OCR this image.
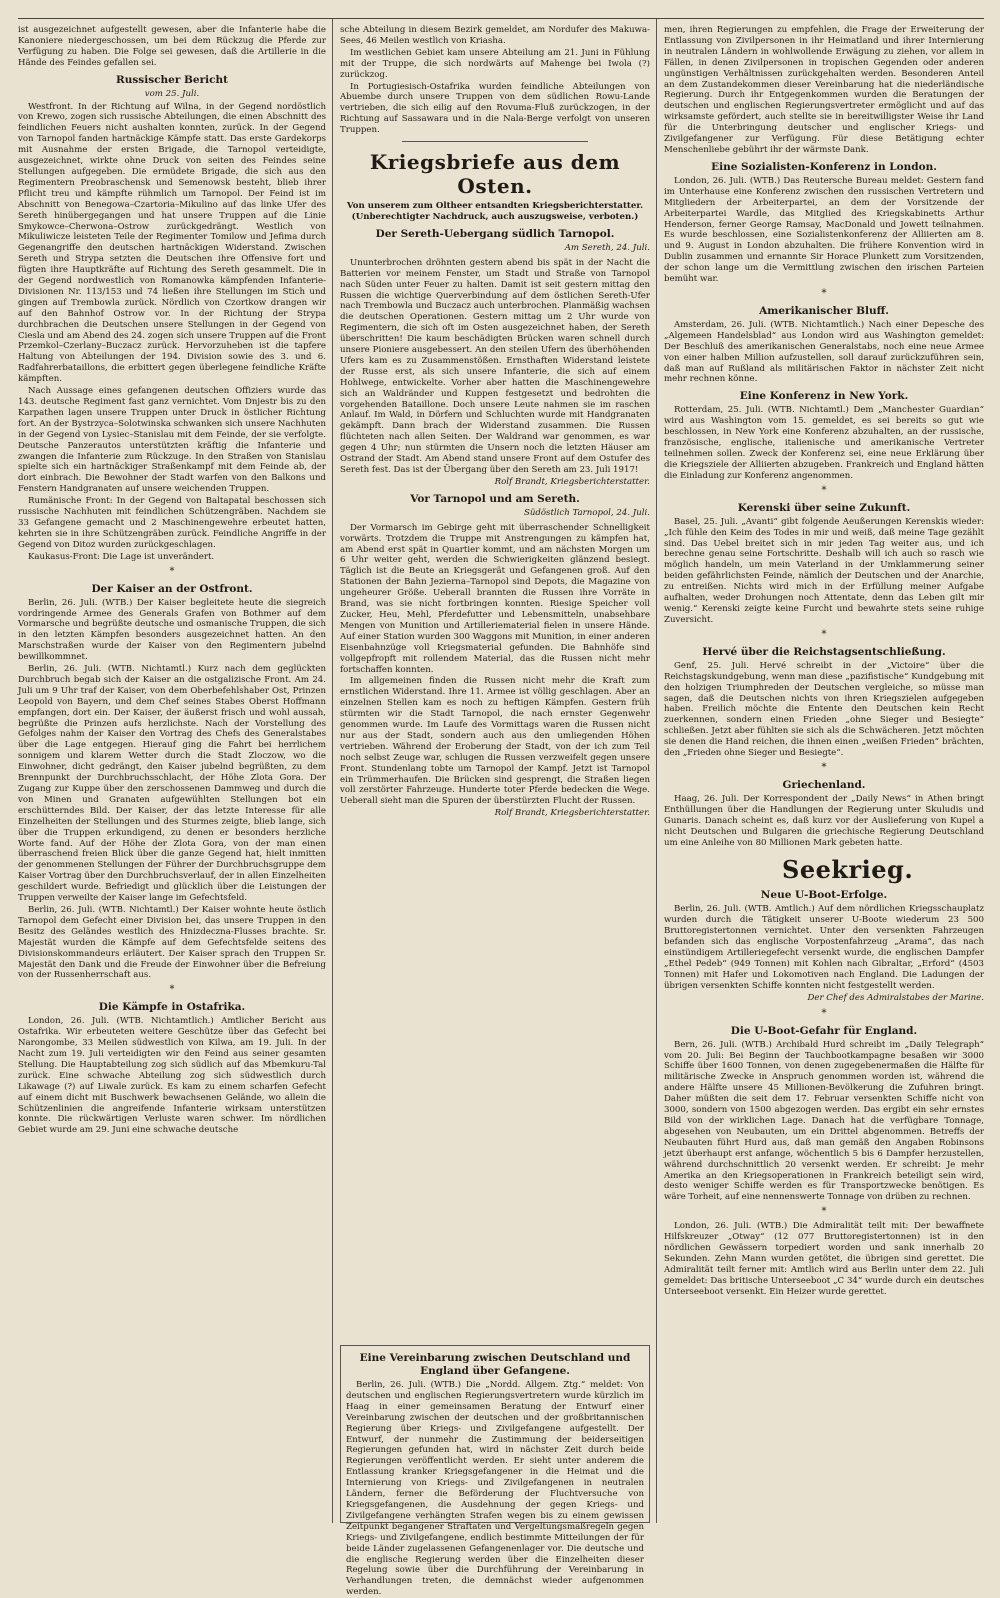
ist ausgezeichnet aufgestellt gewesen, aber die Infanterie habe die Kanoniere niedergeschossen, um bei dem Rückzug die Pferde zur Verfügung zu haben. Die Folge sei gewesen, daß die Artillerie in die Hände des Feindes gefallen sei.

Russischer Bericht
vom 25. Juli.

Westfront. In der Richtung auf Wilna, in der Gegend nordöstlich von Krewo, zogen sich russische Abteilungen, die einen Abschnitt des feindlichen Feuers nicht aushalten konnten, zurück. In der Gegend von Tarnopol fanden hartnäckige Kämpfe statt. Das erste Gardekorps mit Ausnahme der ersten Brigade, die Tarnopol verteidigte, ausgezeichnet, wirkte ohne Druck von seiten des Feindes seine Stellungen aufgegeben. Die ermüdete Brigade, die sich aus den Regimentern Preobraschensk und Semenowsk besteht, blieb ihrer Pflicht treu und kämpfte rühmlich um Tarnopol. Der Feind ist im Abschnitt von Benegowa–Czartoria–Mikulino auf das linke Ufer des Sereth hinübergegangen und hat unsere Truppen auf die Linie Smykowce–Cherwona–Ostrow zurückgedrängt. Westlich von Mikuliwicze leisteten Teile der Regimenter Tomilow und Jefima durch Gegenangriffe den deutschen hartnäckigen Widerstand. Zwischen Sereth und Strypa setzten die Deutschen ihre Offensive fort und fügten ihre Hauptkräfte auf Richtung des Sereth gesammelt. Die in der Gegend nordwestlich von Romanowka kämpfenden Infanterie-Divisionen Nr. 113/153 und 74 ließen ihre Stellungen im Stich und gingen auf Trembowla zurück. Nördlich von Czortkow drangen wir auf den Bahnhof Ostrow vor. In der Richtung der Strypa durchbrachen die Deutschen unsere Stellungen in der Gegend von Ciesla und am Abend des 24. zogen sich unsere Truppen auf die Front Przemkol–Czerlany–Buczacz zurück. Hervorzuheben ist die tapfere Haltung von Abteilungen der 194. Division sowie des 3. und 6. Radfahrerbataillons, die erbittert gegen überlegene feindliche Kräfte kämpften.

Nach Aussage eines gefangenen deutschen Offiziers wurde das 143. deutsche Regiment fast ganz vernichtet. Vom Dnjestr bis zu den Karpathen lagen unsere Truppen unter Druck in östlicher Richtung fort. An der Bystrzyca–Solotwinska schwanken sich unsere Nachhuten in der Gegend von Lysiec–Stanislau mit dem Feinde, der sie verfolgte. Deutsche Panzerautos unterstützten kräftig die Infanterie und zwangen die Infanterie zum Rückzuge. In den Straßen von Stanislau spielte sich ein hartnäckiger Straßenkampf mit dem Feinde ab, der dort einbrach. Die Bewohner der Stadt warfen von den Balkons und Fenstern Handgranaten auf unsere weichenden Truppen.

Rumänische Front: In der Gegend von Baltapatal beschossen sich russische Nachhuten mit feindlichen Schützengräben. Nachdem sie 33 Gefangene gemacht und 2 Maschinengewehre erbeutet hatten, kehrten sie in ihre Schützengräben zurück. Feindliche Angriffe in der Gegend von Ditoz wurden zurückgeschlagen.

Kaukasus-Front: Die Lage ist unverändert.

*
Der Kaiser an der Ostfront.

Berlin, 26. Juli. (WTB.) Der Kaiser begleitete heute die siegreich vordringende Armee des Generals Grafen von Bothmer auf dem Vormarsche und begrüßte deutsche und osmanische Truppen, die sich in den letzten Kämpfen besonders ausgezeichnet hatten. An den Marschstraßen wurde der Kaiser von den Regimentern jubelnd bewillkommnet.

Berlin, 26. Juli. (WTB. Nichtamtl.) Kurz nach dem geglückten Durchbruch begab sich der Kaiser an die ostgalizische Front. Am 24. Juli um 9 Uhr traf der Kaiser, von dem Oberbefehlshaber Ost, Prinzen Leopold von Bayern, und dem Chef seines Stabes Oberst Hoffmann empfangen, dort ein. Der Kaiser, der äußerst frisch und wohl aussah, begrüßte die Prinzen aufs herzlichste. Nach der Vorstellung des Gefolges nahm der Kaiser den Vortrag des Chefs des Generalstabes über die Lage entgegen. Hierauf ging die Fahrt bei herrlichem sonnigem und klarem Wetter durch die Stadt Zloczow, wo die Einwohner, dicht gedrängt, den Kaiser jubelnd begrüßten, zu dem Brennpunkt der Durchbruchsschlacht, der Höhe Zlota Gora. Der Zugang zur Kuppe über den zerschossenen Dammweg und durch die von Minen und Granaten aufgewühlten Stellungen bot ein erschütterndes Bild. Der Kaiser, der das letzte Interesse für alle Einzelheiten der Stellungen und des Sturmes zeigte, blieb lange, sich über die Truppen erkundigend, zu denen er besonders herzliche Worte fand. Auf der Höhe der Zlota Gora, von der man einen überraschend freien Blick über die ganze Gegend hat, hielt inmitten der genommenen Stellungen der Führer der Durchbruchsgruppe dem Kaiser Vortrag über den Durchbruchsverlauf, der in allen Einzelheiten geschildert wurde. Befriedigt und glücklich über die Leistungen der Truppen verweilte der Kaiser lange im Gefechtsfeld.

Berlin, 26. Juli. (WTB. Nichtamtl.) Der Kaiser wohnte heute östlich Tarnopol dem Gefecht einer Division bei, das unsere Truppen in den Besitz des Geländes westlich des Hnizdeczna-Flusses brachte. Sr. Majestät wurden die Kämpfe auf dem Gefechtsfelde seitens des Divisionskommandeurs erläutert. Der Kaiser sprach den Truppen Sr. Majestät den Dank und die Freude der Einwohner über die Befreiung von der Russenherrschaft aus.

*
Die Kämpfe in Ostafrika.

London, 26. Juli. (WTB. Nichtamtlich.) Amtlicher Bericht aus Ostafrika. Wir erbeuteten weitere Geschütze über das Gefecht bei Narongombe, 33 Meilen südwestlich von Kilwa, am 19. Juli. In der Nacht zum 19. Juli verteidigten wir den Feind aus seiner gesamten Stellung. Die Hauptabteilung zog sich südlich auf das Mbemkuru-Tal zurück. Eine schwache Abteilung zog sich südwestlich durch Likawage (?) auf Liwale zurück. Es kam zu einem scharfen Gefecht auf einem dicht mit Buschwerk bewachsenen Gelände, wo allein die Schützenlinien die angreifende Infanterie wirksam unterstützen konnte. Die rückwärtigen Verluste waren schwer. Im nördlichen Gebiet wurde am 29. Juni eine schwache deutsche

sche Abteilung in diesem Bezirk gemeldet, am Nordufer des Makuwa-Sees, 46 Meilen westlich von Kriasha.

Im westlichen Gebiet kam unsere Abteilung am 21. Juni in Fühlung mit der Truppe, die sich nordwärts auf Mahenge bei Iwola (?) zurückzog.

In Portugiesisch-Ostafrika wurden feindliche Abteilungen von Abuembe durch unsere Truppen von dem südlichen Rowu-Lande vertrieben, die sich eilig auf den Rovuma-Fluß zurückzogen, in der Richtung auf Sassawara und in die Nala-Berge verfolgt von unseren Truppen.

Kriegsbriefe aus dem Osten.
Von unserem zum Oltheer entsandten Kriegsberichterstatter.
(Unberechtigter Nachdruck, auch auszugsweise, verboten.)
Der Sereth-Uebergang südlich Tarnopol.
Am Sereth, 24. Juli.

Ununterbrochen dröhnten gestern abend bis spät in der Nacht die Batterien vor meinem Fenster, um Stadt und Straße von Tarnopol nach Süden unter Feuer zu halten. Damit ist seit gestern mittag den Russen die wichtige Querverbindung auf dem östlichen Sereth-Ufer nach Trembowla und Buczacz auch unterbrochen. Planmäßig wachsen die deutschen Operationen. Gestern mittag um 2 Uhr wurde von Regimentern, die sich oft im Osten ausgezeichnet haben, der Sereth überschritten! Die kaum beschädigten Brücken waren schnell durch unsere Pioniere ausgebessert. An den steilen Ufern des überhöhenden Ufers kam es zu Zusammenstößen. Ernsthaften Widerstand leistete der Russe erst, als sich unsere Infanterie, die sich auf einem Hohlwege, entwickelte. Vorher aber hatten die Maschinengewehre sich an Waldränder und Kuppen festgesetzt und bedrohten die vorgehenden Bataillone. Doch unsere Leute nahmen sie im raschen Anlauf. Im Wald, in Dörfern und Schluchten wurde mit Handgranaten gekämpft. Dann brach der Widerstand zusammen. Die Russen flüchteten nach allen Seiten. Der Waldrand war genommen, es war gegen 4 Uhr; nun stürmten die Unsern noch die letzten Häuser am Ostrand der Stadt. Am Abend stand unsere Front auf dem Ostufer des Sereth fest. Das ist der Übergang über den Sereth am 23. Juli 1917!

Rolf Brandt, Kriegsberichterstatter.
Vor Tarnopol und am Sereth.
Südöstlich Tarnopol, 24. Juli.

Der Vormarsch im Gebirge geht mit überraschender Schnelligkeit vorwärts. Trotzdem die Truppe mit Anstrengungen zu kämpfen hat, am Abend erst spät in Quartier kommt, und am nächsten Morgen um 6 Uhr weiter geht, werden die Schwierigkeiten glänzend besiegt. Täglich ist die Beute an Kriegsgerät und Gefangenen groß. Auf den Stationen der Bahn Jezierna–Tarnopol sind Depots, die Magazine von ungeheurer Größe. Ueberall brannten die Russen ihre Vorräte in Brand, was sie nicht fortbringen konnten. Riesige Speicher voll Zucker, Heu, Mehl, Pferdefutter und Lebensmitteln, unabsehbare Mengen von Munition und Artilleriematerial fielen in unsere Hände. Auf einer Station wurden 300 Waggons mit Munition, in einer anderen Eisenbahnzüge voll Kriegsmaterial gefunden. Die Bahnhöfe sind vollgepfropft mit rollendem Material, das die Russen nicht mehr fortschaffen konnten.

Im allgemeinen finden die Russen nicht mehr die Kraft zum ernstlichen Widerstand. Ihre 11. Armee ist völlig geschlagen. Aber an einzelnen Stellen kam es noch zu heftigen Kämpfen. Gestern früh stürmten wir die Stadt Tarnopol, die nach ernster Gegenwehr genommen wurde. Im Laufe des Vormittags waren die Russen nicht nur aus der Stadt, sondern auch aus den umliegenden Höhen vertrieben. Während der Eroberung der Stadt, von der ich zum Teil noch selbst Zeuge war, schlugen die Russen verzweifelt gegen unsere Front. Stundenlang tobte um Tarnopol der Kampf. Jetzt ist Tarnopol ein Trümmerhaufen. Die Brücken sind gesprengt, die Straßen liegen voll zerstörter Fahrzeuge. Hunderte toter Pferde bedecken die Wege. Ueberall sieht man die Spuren der überstürzten Flucht der Russen.

Rolf Brandt, Kriegsberichterstatter.
Eine Vereinbarung zwischen Deutschland und England über Gefangene.

Berlin, 26. Juli. (WTB.) Die „Nordd. Allgem. Ztg.“ meldet: Von deutschen und englischen Regierungsvertretern wurde kürzlich im Haag in einer gemeinsamen Beratung der Entwurf einer Vereinbarung zwischen der deutschen und der großbritannischen Regierung über Kriegs- und Zivilgefangene aufgestellt. Der Entwurf, der nunmehr die Zustimmung der beiderseitigen Regierungen gefunden hat, wird in nächster Zeit durch beide Regierungen veröffentlicht werden. Er sieht unter anderem die Entlassung kranker Kriegsgefangener in die Heimat und die Internierung von Kriegs- und Zivilgefangenen in neutralen Ländern, ferner die Beförderung der Fluchtversuche von Kriegsgefangenen, die Ausdehnung der gegen Kriegs- und Zivilgefangene verhängten Strafen wegen bis zu einem gewissen Zeitpunkt begangener Straftaten und Vergeltungsmaßregeln gegen Kriegs- und Zivilgefangene, endlich bestimmte Mitteilungen der für beide Länder zugelassenen Gefangenenlager vor. Die deutsche und die englische Regierung werden über die Einzelheiten dieser Regelung sowie über die Durchführung der Vereinbarung in Verhandlungen treten, die demnächst wieder aufgenommen werden.

men, ihren Regierungen zu empfehlen, die Frage der Erweiterung der Entlassung von Zivilpersonen in ihr Heimatland und ihrer Internierung in neutralen Ländern in wohlwollende Erwägung zu ziehen, vor allem in Fällen, in denen Zivilpersonen in tropischen Gegenden oder anderen ungünstigen Verhältnissen zurückgehalten werden. Besonderen Anteil an dem Zustandekommen dieser Vereinbarung hat die niederländische Regierung. Durch ihr Entgegenkommen wurden die Beratungen der deutschen und englischen Regierungsvertreter ermöglicht und auf das wirksamste gefördert, auch stellte sie in bereitwilligster Weise ihr Land für die Unterbringung deutscher und englischer Kriegs- und Zivilgefangener zur Verfügung. Für diese Betätigung echter Menschenliebe gebührt ihr der wärmste Dank.

Eine Sozialisten-Konferenz in London.

London, 26. Juli. (WTB.) Das Reutersche Bureau meldet: Gestern fand im Unterhause eine Konferenz zwischen den russischen Vertretern und Mitgliedern der Arbeiterpartei, an dem der Vorsitzende der Arbeiterpartei Wardle, das Mitglied des Kriegskabinetts Arthur Henderson, ferner George Ramsay, MacDonald und Jowett teilnahmen. Es wurde beschlossen, eine Sozialistenkonferenz der Alliierten am 8. und 9. August in London abzuhalten. Die frühere Konvention wird in Dublin zusammen und ernannte Sir Horace Plunkett zum Vorsitzenden, der schon lange um die Vermittlung zwischen den irischen Parteien bemüht war.

*
Amerikanischer Bluff.

Amsterdam, 26. Juli. (WTB. Nichtamtlich.) Nach einer Depesche des „Algemeen Handelsblad“ aus London wird aus Washington gemeldet: Der Beschluß des amerikanischen Generalstabs, noch eine neue Armee von einer halben Million aufzustellen, soll darauf zurückzuführen sein, daß man auf Rußland als militärischen Faktor in nächster Zeit nicht mehr rechnen könne.

Eine Konferenz in New York.

Rotterdam, 25. Juli. (WTB. Nichtamtl.) Dem „Manchester Guardian“ wird aus Washington vom 15. gemeldet, es sei bereits so gut wie beschlossen, in New York eine Konferenz abzuhalten, an der russische, französische, englische, italienische und amerikanische Vertreter teilnehmen sollen. Zweck der Konferenz sei, eine neue Erklärung über die Kriegsziele der Alliierten abzugeben. Frankreich und England hätten die Einladung zur Konferenz angenommen.

*
Kerenski über seine Zukunft.

Basel, 25. Juli. „Avanti“ gibt folgende Aeußerungen Kerenskis wieder: „Ich fühle den Keim des Todes in mir und weiß, daß meine Tage gezählt sind. Das Uebel breitet sich in mir jeden Tag weiter aus, und ich berechne genau seine Fortschritte. Deshalb will ich auch so rasch wie möglich handeln, um mein Vaterland in der Umklammerung seiner beiden gefährlichsten Feinde, nämlich der Deutschen und der Anarchie, zu entreißen. Nichts wird mich in der Erfüllung meiner Aufgabe aufhalten, weder Drohungen noch Attentate, denn das Leben gilt mir wenig.“ Kerenski zeigte keine Furcht und bewahrte stets seine ruhige Zuversicht.

*
Hervé über die Reichstagsentschließung.

Genf, 25. Juli. Hervé schreibt in der „Victoire“ über die Reichstagskundgebung, wenn man diese „pazifistische“ Kundgebung mit den holzigen Triumphreden der Deutschen vergleiche, so müsse man sagen, daß die Deutschen nichts von ihren Kriegszielen aufgegeben haben. Freilich möchte die Entente den Deutschen kein Recht zuerkennen, sondern einen Frieden „ohne Sieger und Besiegte“ schließen. Jetzt aber fühlten sie sich als die Schwächeren. Jetzt möchten sie denen die Hand reichen, die ihnen einen „weißen Frieden“ brächten, den „Frieden ohne Sieger und Besiegte“.

*
Griechenland.

Haag, 26. Juli. Der Korrespondent der „Daily News“ in Athen bringt Enthüllungen über die Handlungen der Regierung unter Skuludis und Gunaris. Danach scheint es, daß kurz vor der Auslieferung von Kupel a nicht Deutschen und Bulgaren die griechische Regierung Deutschland um eine Anleihe von 80 Millionen Mark gebeten hatte.

Seekrieg.
Neue U-Boot-Erfolge.

Berlin, 26. Juli. (WTB. Amtlich.) Auf dem nördlichen Kriegsschauplatz wurden durch die Tätigkeit unserer U-Boote wiederum 23 500 Bruttoregistertonnen vernichtet. Unter den versenkten Fahrzeugen befanden sich das englische Vorpostenfahrzeug „Arama“, das nach einstündigem Artilleriegefecht versenkt wurde, die englischen Dampfer „Ethel Pedeb“ (949 Tonnen) mit Kohlen nach Gibraltar, „Erford“ (4503 Tonnen) mit Hafer und Lokomotiven nach England. Die Ladungen der übrigen versenkten Schiffe konnten nicht festgestellt werden.

Der Chef des Admiralstabes der Marine.
*
Die U-Boot-Gefahr für England.

Bern, 26. Juli. (WTB.) Archibald Hurd schreibt im „Daily Telegraph“ vom 20. Juli: Bei Beginn der Tauchbootkampagne besaßen wir 3000 Schiffe über 1600 Tonnen, von denen zugegebenermaßen die Hälfte für militärische Zwecke in Anspruch genommen worden ist, während die andere Hälfte unsere 45 Millionen-Bevölkerung die Zufuhren bringt. Daher müßten die seit dem 17. Februar versenkten Schiffe nicht von 3000, sondern von 1500 abgezogen werden. Das ergibt ein sehr ernstes Bild von der wirklichen Lage. Danach hat die verfügbare Tonnage, abgesehen von Neubauten, um ein Drittel abgenommen. Betreffs der Neubauten führt Hurd aus, daß man gemäß den Angaben Robinsons jetzt überhaupt erst anfange, wöchentlich 5 bis 6 Dampfer herzustellen, während durchschnittlich 20 versenkt werden. Er schreibt: Je mehr Amerika an den Kriegsoperationen in Frankreich beteiligt sein wird, desto weniger Schiffe werden es für Transportzwecke benötigen. Es wäre Torheit, auf eine nennenswerte Tonnage von drüben zu rechnen.

*

London, 26. Juli. (WTB.) Die Admiralität teilt mit: Der bewaffnete Hilfskreuzer „Otway“ (12 077 Bruttoregistertonnen) ist in den nördlichen Gewässern torpediert worden und sank innerhalb 20 Sekunden. Zehn Mann wurden getötet, die übrigen sind gerettet. Die Admiralität teilt ferner mit: Amtlich wird aus Berlin unter dem 22. Juli gemeldet: Das britische Unterseeboot „C 34“ wurde durch ein deutsches Unterseeboot versenkt. Ein Heizer wurde gerettet.
